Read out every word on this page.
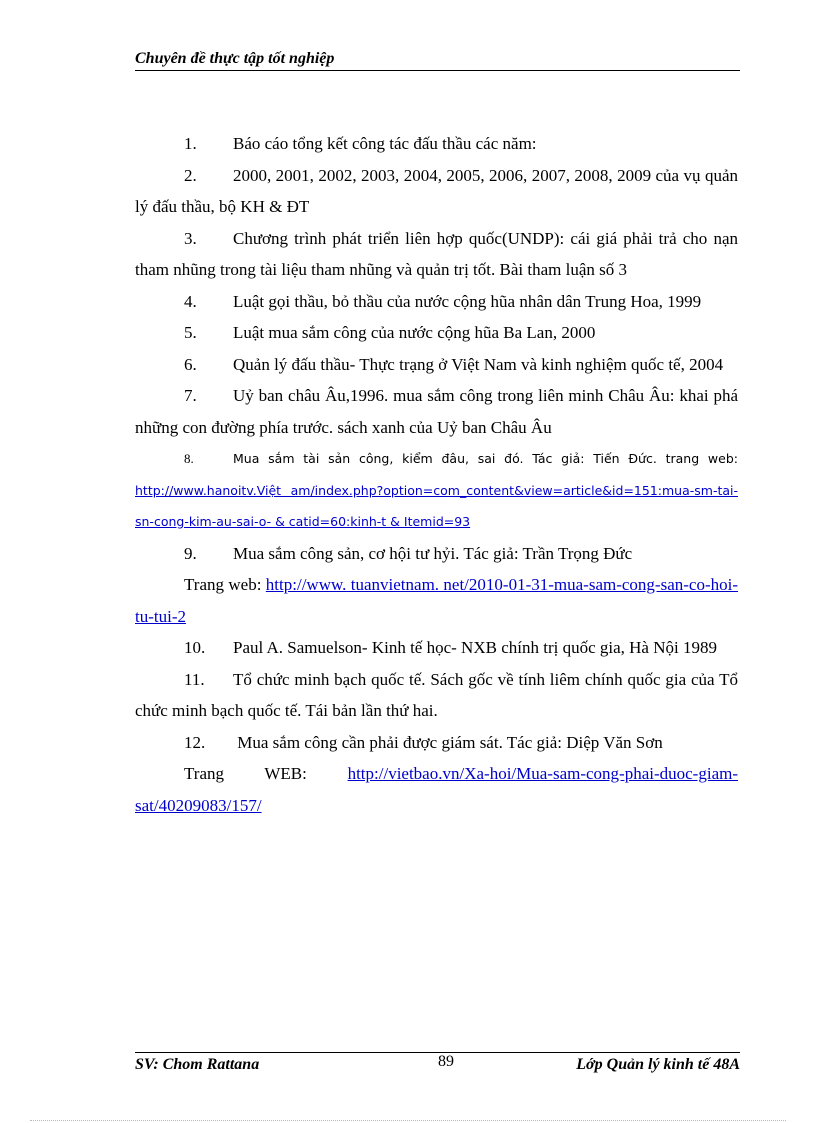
Chuyên đề thực tập tốt nghiệp

1. Báo cáo tổng kết công tác đấu thầu các năm:

2. 2000, 2001, 2002, 2003, 2004, 2005, 2006, 2007, 2008, 2009 của vụ quản lý đấu thầu, bộ KH & ĐT

3. Chương trình phát triển liên hợp quốc(UNDP): cái giá phải trả cho nạn tham nhũng trong tài liệu tham nhũng và quản trị tốt. Bài tham luận số 3

4. Luật gọi thầu, bỏ thầu của nước cộng hũa nhân dân Trung Hoa, 1999

5. Luật mua sắm công của nước cộng hũa Ba Lan, 2000

6. Quản lý đấu thầu- Thực trạng ở Việt Nam và kinh nghiệm quốc tế, 2004

7. Uỷ ban châu Âu,1996. mua sắm công trong liên minh Châu Âu: khai phá những con đường phía trước. sách xanh của Uỷ ban Châu Âu

8.	Mua sắm tài sản công, kiểm đâu, sai đó. Tác giả: Tiến Đức. trang web: http://www.hanoitv.Việt am/index.php?option=com_content&view=article&id=151:mua-sm-tai-sn-cong-kim-au-sai-o- & catid=60:kinh-t & Itemid=93

9. Mua sắm công sản, cơ hội tư hỷi. Tác giả: Trần Trọng Đức

Trang web: http://www. tuanvietnam. net/2010-01-31-mua-sam-cong-san-co-hoi-tu-tui-2

10. Paul A. Samuelson- Kinh tế học- NXB chính trị quốc gia, Hà Nội 1989

11. Tổ chức minh bạch quốc tế. Sách gốc về tính liêm chính quốc gia của Tổ chức minh bạch quốc tế. Tái bản lần thứ hai.

12. Mua sắm công cần phải được giám sát. Tác giả: Diệp Văn Sơn

Trang WEB: http://vietbao.vn/Xa-hoi/Mua-sam-cong-phai-duoc-giam-sat/40209083/157/

SV: Chom Rattana	89	Lớp Quản lý kinh tế 48A
